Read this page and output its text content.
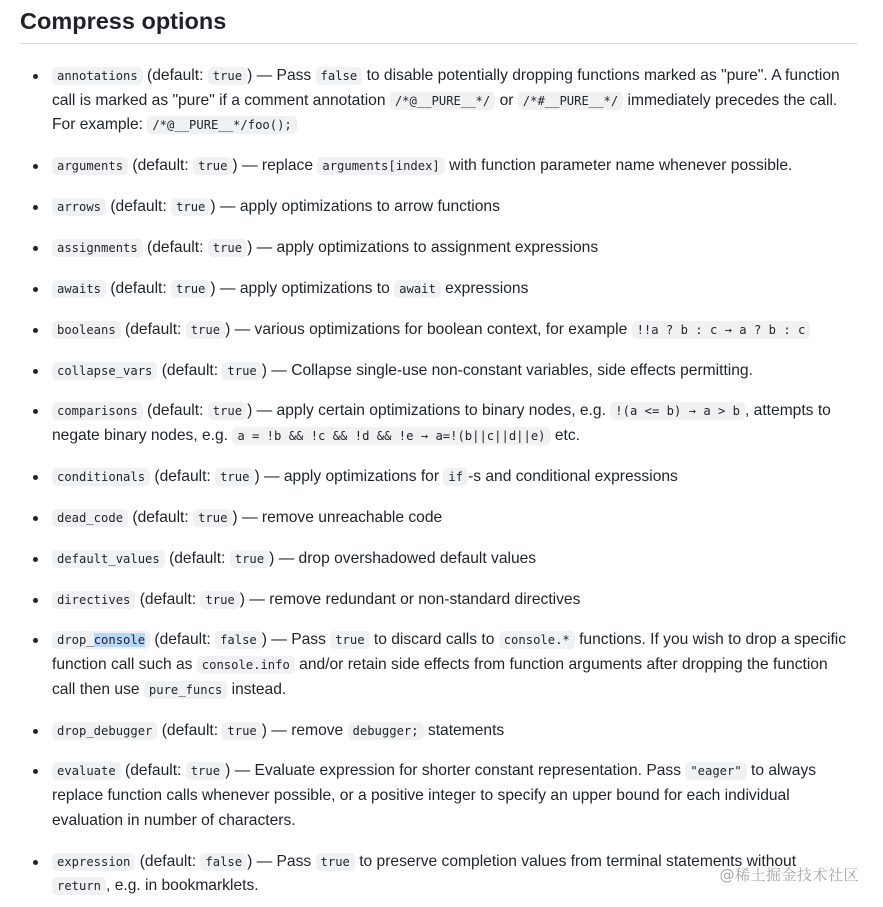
Compress options
annotations (default: true ) — Pass false to disable potentially dropping functions marked as "pure". A function call is marked as "pure" if a comment annotation /*@__PURE__*/ or /*#__PURE__*/ immediately precedes the call. For example: /*@__PURE__*/foo();
arguments (default: true ) — replace arguments[index] with function parameter name whenever possible.
arrows (default: true ) — apply optimizations to arrow functions
assignments (default: true ) — apply optimizations to assignment expressions
awaits (default: true ) — apply optimizations to await expressions
booleans (default: true ) — various optimizations for boolean context, for example !!a ? b : c → a ? b : c
collapse_vars (default: true ) — Collapse single-use non-constant variables, side effects permitting.
comparisons (default: true ) — apply certain optimizations to binary nodes, e.g. !(a <= b) → a > b , attempts to negate binary nodes, e.g. a = !b && !c && !d && !e → a=!(b||c||d||e) etc.
conditionals (default: true ) — apply optimizations for if -s and conditional expressions
dead_code (default: true ) — remove unreachable code
default_values (default: true ) — drop overshadowed default values
directives (default: true ) — remove redundant or non-standard directives
drop_console (default: false ) — Pass true to discard calls to console.* functions. If you wish to drop a specific function call such as console.info and/or retain side effects from function arguments after dropping the function call then use pure_funcs instead.
drop_debugger (default: true ) — remove debugger; statements
evaluate (default: true ) — Evaluate expression for shorter constant representation. Pass "eager" to always replace function calls whenever possible, or a positive integer to specify an upper bound for each individual evaluation in number of characters.
expression (default: false ) — Pass true to preserve completion values from terminal statements without return , e.g. in bookmarklets.
@稀土掘金技术社区
